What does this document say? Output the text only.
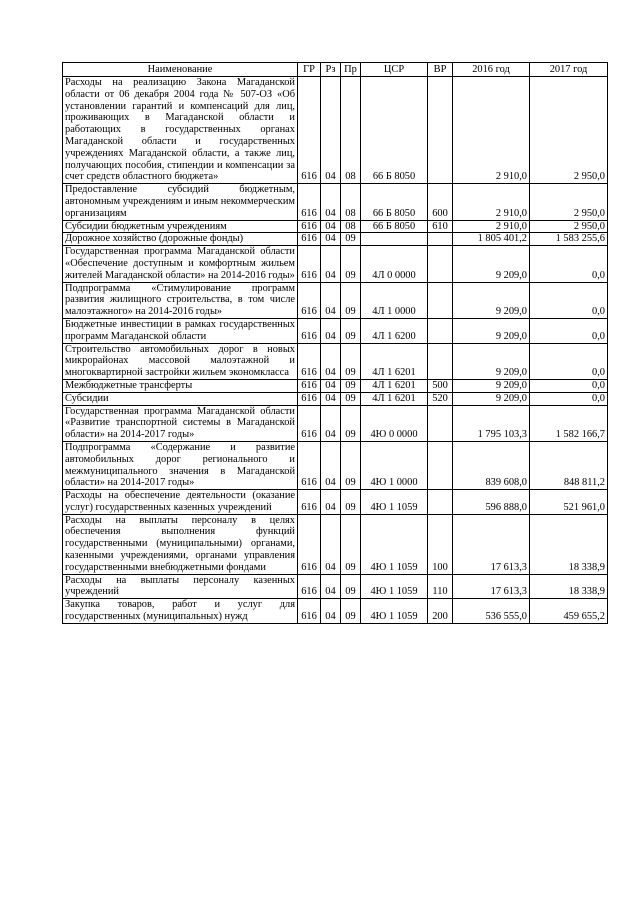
Наименование	ГР	Рз	Пр	ЦСР	ВР	2016 год	2017 год
Расходы на реализацию Закона Магаданской области от 06 декабря 2004 года № 507-ОЗ «Об установлении гарантий и компенсаций для лиц, проживающих в Магаданской области и работающих в государственных органах Магаданской области и государственных учреждениях Магаданской области, а также лиц, получающих пособия, стипендии и компенсации за счет средств областного бюджета»	616	04	08	66 Б 8050		2 910,0	2 950,0
Предоставление субсидий бюджетным, автономным учреждениям и иным некоммерческим организациям	616	04	08	66 Б 8050	600	2 910,0	2 950,0
Субсидии бюджетным учреждениям	616	04	08	66 Б 8050	610	2 910,0	2 950,0
Дорожное хозяйство (дорожные фонды)	616	04	09			1 805 401,2	1 583 255,6
Государственная программа Магаданской области «Обеспечение доступным и комфортным жильем жителей Магаданской области» на 2014-2016 годы»	616	04	09	4Л 0 0000		9 209,0	0,0
Подпрограмма «Стимулирование программ развития жилищного строительства, в том числе малоэтажного» на 2014-2016 годы»	616	04	09	4Л 1 0000		9 209,0	0,0
Бюджетные инвестиции в рамках государственных программ Магаданской области	616	04	09	4Л 1 6200		9 209,0	0,0
Строительство автомобильных дорог в новых микрорайонах массовой малоэтажной и многоквартирной застройки жильем экономкласса	616	04	09	4Л 1 6201		9 209,0	0,0
Межбюджетные трансферты	616	04	09	4Л 1 6201	500	9 209,0	0,0
Субсидии	616	04	09	4Л 1 6201	520	9 209,0	0,0
Государственная программа Магаданской области «Развитие транспортной системы в Магаданской области» на 2014-2017 годы»	616	04	09	4Ю 0 0000		1 795 103,3	1 582 166,7
Подпрограмма «Содержание и развитие автомобильных дорог регионального и межмуниципального значения в Магаданской области» на 2014-2017 годы»	616	04	09	4Ю 1 0000		839 608,0	848 811,2
Расходы на обеспечение деятельности (оказание услуг) государственных казенных учреждений	616	04	09	4Ю 1 1059		596 888,0	521 961,0
Расходы на выплаты персоналу в целях обеспечения выполнения функций государственными (муниципальными) органами, казенными учреждениями, органами управления государственными внебюджетными фондами	616	04	09	4Ю 1 1059	100	17 613,3	18 338,9
Расходы на выплаты персоналу казенных учреждений	616	04	09	4Ю 1 1059	110	17 613,3	18 338,9
Закупка товаров, работ и услуг для государственных (муниципальных) нужд	616	04	09	4Ю 1 1059	200	536 555,0	459 655,2
